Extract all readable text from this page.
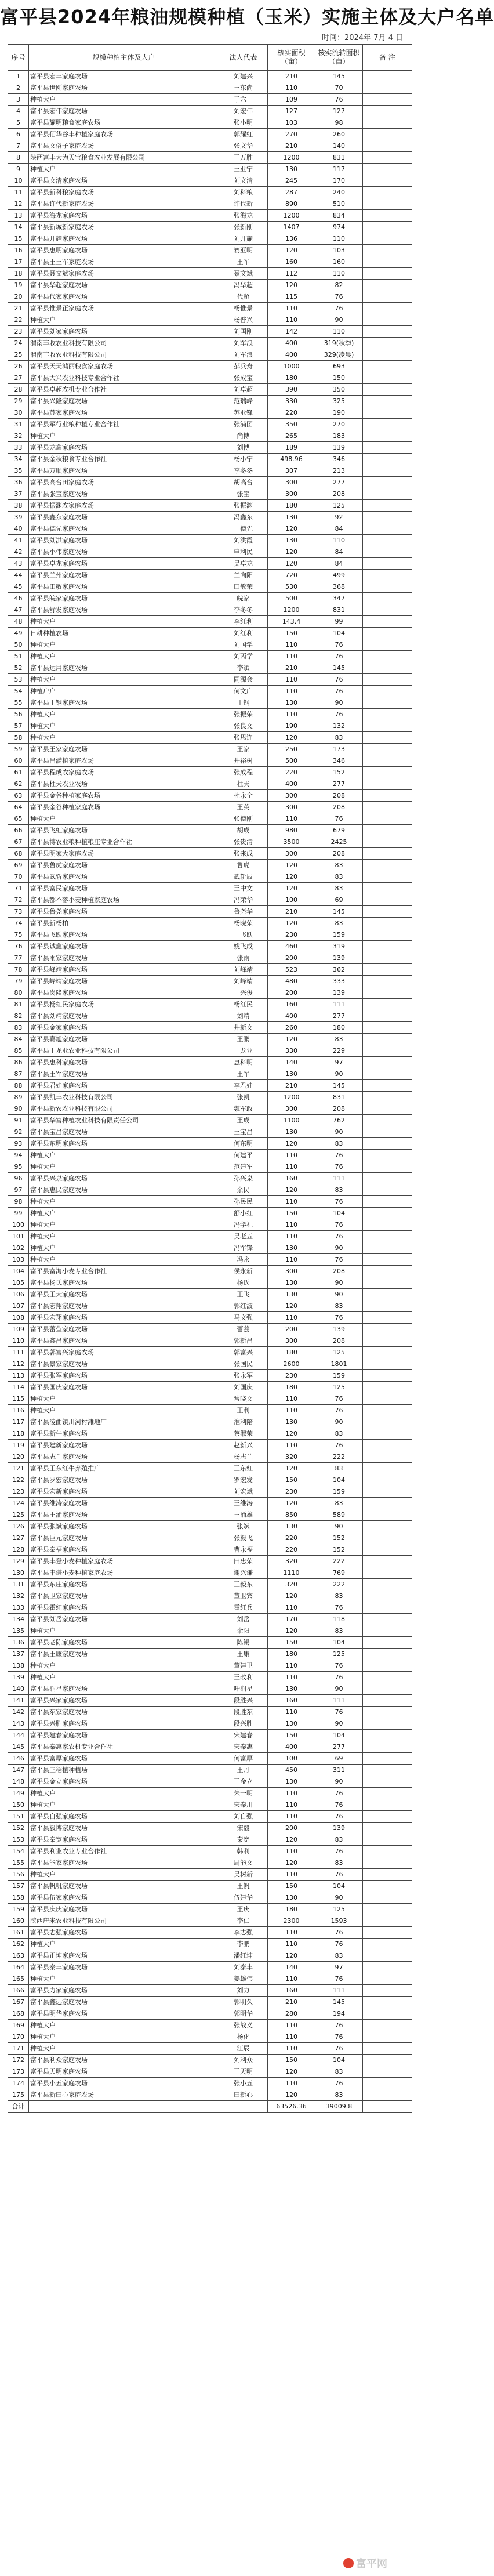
富平县2024年粮油规模种植（玉米）实施主体及大户名单
时间：2024年 7月 4 日
序号	规模种植主体及大户	法人代表	核实面积（亩）	核实流转面积（亩）	备 注
1	富平县宏丰家庭农场	刘建兴	210	145	
2	富平县世刚家庭农场	王东尚	110	70	
3	种植大户	于六一	109	76	
4	富平县宏伟家庭农场	刘宏伟	127	127	
5	富平县耀明粮食家庭农场	张小明	103	98	
6	富平县佰华谷丰种植家庭农场	郭耀虹	270	260	
7	富平县文俗子家庭农场	张文华	210	140	
8	陕西富丰大为天宝粮食农业发展有限公司	王万胜	1200	831	
9	种植大户	王亚宁	130	117	
10	富平县文清家庭农场	刘文清	245	170	
11	富平县新科粮家庭农场	刘科粮	287	240	
12	富平县许代新家庭农场	许代新	890	510	
13	富平县海龙家庭农场	张海龙	1200	834	
14	富平县新城新家庭农场	张新刚	1407	974	
15	富平县开耀家庭农场	刘开耀	136	110	
16	富平县惠明家庭农场	赛亚明	120	103	
17	富平县王王军家庭农场	王军	160	160	
18	富平县聂文斌家庭农场	聂文斌	112	110	
19	富平县华超家庭农场	冯华超	120	82	
20	富平县代家家庭农场	代超	115	76	
21	富平县惟景正家庭农场	杨惟景	110	76	
22	种植大户	杨普兴	110	90	
23	富平县刘家家庭农场	刘国刚	142	110	
24	渭南丰收农业科技有限公司	刘军浪	400	319(秋季)	
25	渭南丰收农业科技有限公司	刘军浪	400	329(凌晨)	
26	富平县天天鸿丽粮食家庭农场	郝兵舟	1000	693	
27	富平县大兴农业科技专业合作社	张成宝	180	150	
28	富平县卓超农机专业合作社	刘卓超	390	350	
29	富平县兴隆家庭农场	范瑞峰	330	325	
30	富平县苏家家庭农场	苏亚锋	220	190	
31	富平县军行业粮种植专业合作社	张浦团	350	270	
32	种植大户	尚博	265	183	
33	富平县龙鑫家庭农场	刘博	189	139	
34	富平县金秋粮食专业合作社	杨小宁	498.96	346	
35	富平县万顺家庭农场	李冬冬	307	213	
36	富平县高台田家庭农场	胡高台	300	277	
37	富平县张宝家庭农场	张宝	300	208	
38	富平县振渊农家庭农场	张振渊	180	125	
39	富平县鑫东家庭农场	冯鑫东	130	92	
40	富平县德先家庭农场	王德先	120	84	
41	富平县刘洪家庭农场	刘洪霞	130	110	
42	富平县小伟家庭农场	申利民	120	84	
43	富平县卓龙家庭农场	吴卓龙	120	84	
44	富平县兰州家庭农场	兰向阳	720	499	
45	富平县田敏家庭农场	田敏荣	530	368	
46	富平县皖家家庭农场	皖家	500	347	
47	富平县舒发家庭农场	李冬冬	1200	831	
48	种植大户	李红利	143.4	99	
49	日耕种植农场	刘红利	150	104	
50	种植大户	刘国学	110	76	
51	种植大户	刘丙学	110	76	
52	富平县运用家庭农场	李斌	210	145	
53	种植大户	同源会	110	76	
54	种植户户	何文广	110	76	
55	富平县王钢家庭农场	王钢	130	90	
56	种植大户	张振荣	110	76	
57	种植大户	张良文	190	132	
58	种植大户	张思连	120	83	
59	富平县王家家庭农场	王家	250	173	
60	富平县昌满植家庭农场	井裕树	500	346	
61	富平县程成农家庭农场	张成程	220	152	
62	富平县杜夫农业农场	杜夫	400	277	
63	富平县金谷种植家庭农场	杜永全	300	208	
64	富平县金谷种植家庭农场	王英	300	208	
65	种植大户	张德刚	110	76	
66	富平县飞虹家庭农场	胡成	980	679	
67	富平县博农业粮种植粮庄专业合作社	张贵清	3500	2425	
68	富平县明家大家庭农场	张来成	300	208	
69	富平县鲁虎家庭农场	鲁虎	120	83	
70	富平县武斩家庭农场	武斩辰	120	83	
71	富平县富民家庭农场	王中文	120	83	
72	富平县都不落小麦种植家庭农场	冯荣华	100	69	
73	富平县鲁尧家庭农场	鲁尧华	210	145	
74	富平县新杨柏	杨晓荣	120	83	
75	富平县飞跃家庭农场	王飞跃	230	159	
76	富平县诚鑫家庭农场	姚飞成	460	319	
77	富平县雨家家庭农场	张雨	200	139	
78	富平县峰靖家庭农场	刘峰靖	523	362	
79	富平县峰靖家庭农场	刘峰靖	480	333	
80	富平县岗隆家庭农场	王兴俊	200	139	
81	富平县杨红民家庭农场	杨红民	160	111	
82	富平县刘靖家庭农场	刘靖	400	277	
83	富平县金家家庭农场	井新文	260	180	
84	富平县嘉旭家庭农场	王鹏	120	83	
85	富平县王龙业农业科技有限公司	王龙业	330	229	
86	富平县惠科家庭农场	惠科明	140	97	
87	富平县王军家庭农场	王军	130	90	
88	富平县君娃家庭农场	李君娃	210	145	
89	富平县凯丰农业科技有限公司	张凯	1200	831	
90	富平县新农农业科技有限公司	魏军政	300	208	
91	富平县华富种植农业科技有限责任公司	王成	1100	762	
92	富平县宝昌家庭农场	王宝昌	130	90	
93	富平县东明家庭农场	何东明	120	83	
94	种植大户	何建平	110	76	
95	种植大户	范建军	110	76	
96	富平县兴泉家庭农场	孙兴泉	160	111	
97	富平县惠民家庭农场	余民	120	83	
98	种植大户	孙民民	110	76	
99	种植大户	舒小红	150	104	
100	种植大户	冯学礼	110	76	
101	种植大户	吴老五	110	76	
102	种植大户	冯军锋	130	90	
103	种植大户	冯永	110	76	
104	富平县富海小麦专业合作社	侯永新	300	208	
105	富平县杨氏家庭农场	杨氏	130	90	
106	富平县王大家庭农场	王飞	130	90	
107	富平县宏翔家庭农场	郭红波	120	83	
108	富平县宏翔家庭农场	马文强	110	76	
109	富平县蕾莹家庭农场	蕾荔	200	139	
110	富平县鑫昌家庭农场	郭新昌	300	208	
111	富平县郭富兴家庭农场	郭富兴	180	125	
112	富平县景家家庭农场	张国民	2600	1801	
113	富平县张军家庭农场	张永军	230	159	
114	富平县国庆家庭农场	刘国庆	180	125	
115	种植大户	常晓文	110	76	
116	种植大户	王利	110	76	
117	富平县凌曲镇川河村滩地厂	淮利陪	130	90	
118	富平县新牛家庭农场	蔡淑荣	120	83	
119	富平县建新家庭农场	赵新兴	110	76	
120	富平县志兰家庭农场	杨志兰	320	222	
121	富平县王东红牛养殖推广	王东红	120	83	
122	富平县罗宏家庭农场	罗宏发	150	104	
123	富平县宏新家庭农场	刘宏斌	230	159	
124	富平县维涛家庭农场	王维涛	120	83	
125	富平县王涌家庭农场	王涌雄	850	589	
126	富平县张斌家庭农场	张斌	130	90	
127	富平县巨元家庭农场	张毅飞	220	152	
128	富平县泰福家庭农场	曹永福	220	152	
129	富平县丰登小麦种植家庭农场	田忠荣	320	222	
130	富平县丰谦小麦种植家庭农场	谢兴谦	1110	769	
131	富平县东庄家庭农场	王毅东	320	222	
132	富平县卫家家庭农场	董卫宾	120	83	
133	富平县霍红家庭农场	霍红兵	110	76	
134	富平县刘岳家庭农场	刘岳	170	118	
135	种植大户	余阳	120	83	
136	富平县老陈家庭农场	陈锡	150	104	
137	富平县王康家庭农场	王康	180	125	
138	种植大户	董建卫	110	76	
139	种植大户	王改利	110	76	
140	富平县润星家庭农场	叶润星	130	90	
141	富平县兴家家庭农场	段胜兴	160	111	
142	富平县东家家庭农场	段胜东	110	76	
143	富平县兴胜家庭农场	段兴胜	130	90	
144	富平县建春家庭农场	宋建春	150	104	
145	富平县秦惠家农机专业合作社	宋秦惠	400	277	
146	富平县富厚家庭农场	何富厚	100	69	
147	富平县三稻植种植场	王丹	450	311	
148	富平县金立家庭农场	王金立	130	90	
149	种植大户	朱一明	110	76	
150	种植大户	宋秦川	110	76	
151	富平县自强家庭农场	刘自强	110	76	
152	富平县毅博家庭农场	宋毅	200	139	
153	富平县秦宽家庭农场	秦宽	120	83	
154	富平县利业农业专业合作社	韩利	110	76	
155	富平县能家家庭农场	周能文	120	83	
156	种植大户	吴树新	110	76	
157	富平县帆帆家庭农场	王帆	150	104	
158	富平县伍家家庭农场	伍建华	130	90	
159	富平县庆庆家庭农场	王庆	180	125	
160	陕西唐米农业科技有限公司	李仁	2300	1593	
161	富平县志强家庭农场	李志强	110	76	
162	种植大户	李鹏	110	76	
163	富平县正坤家庭农场	潘红坤	120	83	
164	富平县泰丰家庭农场	刘泰丰	140	97	
165	种植大户	姜雄伟	110	76	
166	富平县力家家庭农场	刘力	160	111	
167	富平县鑫远家庭农场	郭明久	210	145	
168	富平县明华家庭农场	郭明华	280	194	
169	种植大户	张战义	110	76	
170	种植大户	杨化	110	76	
171	种植大户	江辰	110	76	
172	富平县利众家庭农场	刘利众	150	104	
173	富平县天明家庭农场	王天明	120	83	
174	富平县小五家庭农场	张小五	110	76	
175	富平县新田心家庭农场	田新心	120	83	
合计			63526.36	39009.8	
富平网
